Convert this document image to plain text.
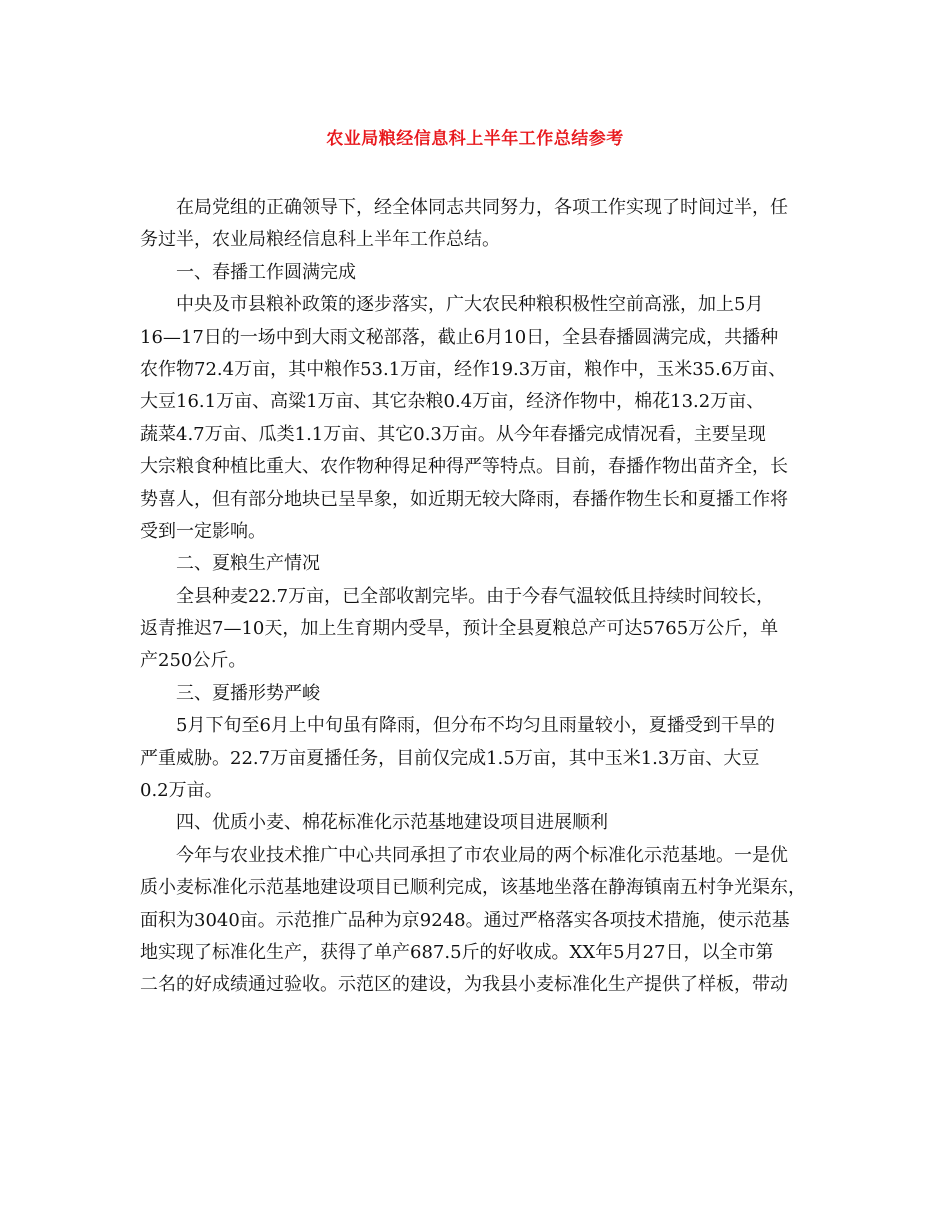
农业局粮经信息科上半年工作总结参考
在局党组的正确领导下，经全体同志共同努力，各项工作实现了时间过半，任
务过半，农业局粮经信息科上半年工作总结。
一、春播工作圆满完成
中央及市县粮补政策的逐步落实，广大农民种粮积极性空前高涨，加上5月
16—17日的一场中到大雨文秘部落，截止6月10日，全县春播圆满完成，共播种
农作物72.4万亩，其中粮作53.1万亩，经作19.3万亩，粮作中，玉米35.6万亩、
大豆16.1万亩、高粱1万亩、其它杂粮0.4万亩，经济作物中，棉花13.2万亩、
蔬菜4.7万亩、瓜类1.1万亩、其它0.3万亩。从今年春播完成情况看，主要呈现
大宗粮食种植比重大、农作物种得足种得严等特点。目前，春播作物出苗齐全，长
势喜人，但有部分地块已呈旱象，如近期无较大降雨，春播作物生长和夏播工作将
受到一定影响。
二、夏粮生产情况
全县种麦22.7万亩，已全部收割完毕。由于今春气温较低且持续时间较长，
返青推迟7—10天，加上生育期内受旱，预计全县夏粮总产可达5765万公斤，单
产250公斤。
三、夏播形势严峻
5月下旬至6月上中旬虽有降雨，但分布不均匀且雨量较小，夏播受到干旱的
严重威胁。22.7万亩夏播任务，目前仅完成1.5万亩，其中玉米1.3万亩、大豆
0.2万亩。
四、优质小麦、棉花标准化示范基地建设项目进展顺利
今年与农业技术推广中心共同承担了市农业局的两个标准化示范基地。一是优
质小麦标准化示范基地建设项目已顺利完成，该基地坐落在静海镇南五村争光渠东，
面积为3040亩。示范推广品种为京9248。通过严格落实各项技术措施，使示范基
地实现了标准化生产，获得了单产687.5斤的好收成。XX年5月27日，以全市第
二名的好成绩通过验收。示范区的建设，为我县小麦标准化生产提供了样板，带动
